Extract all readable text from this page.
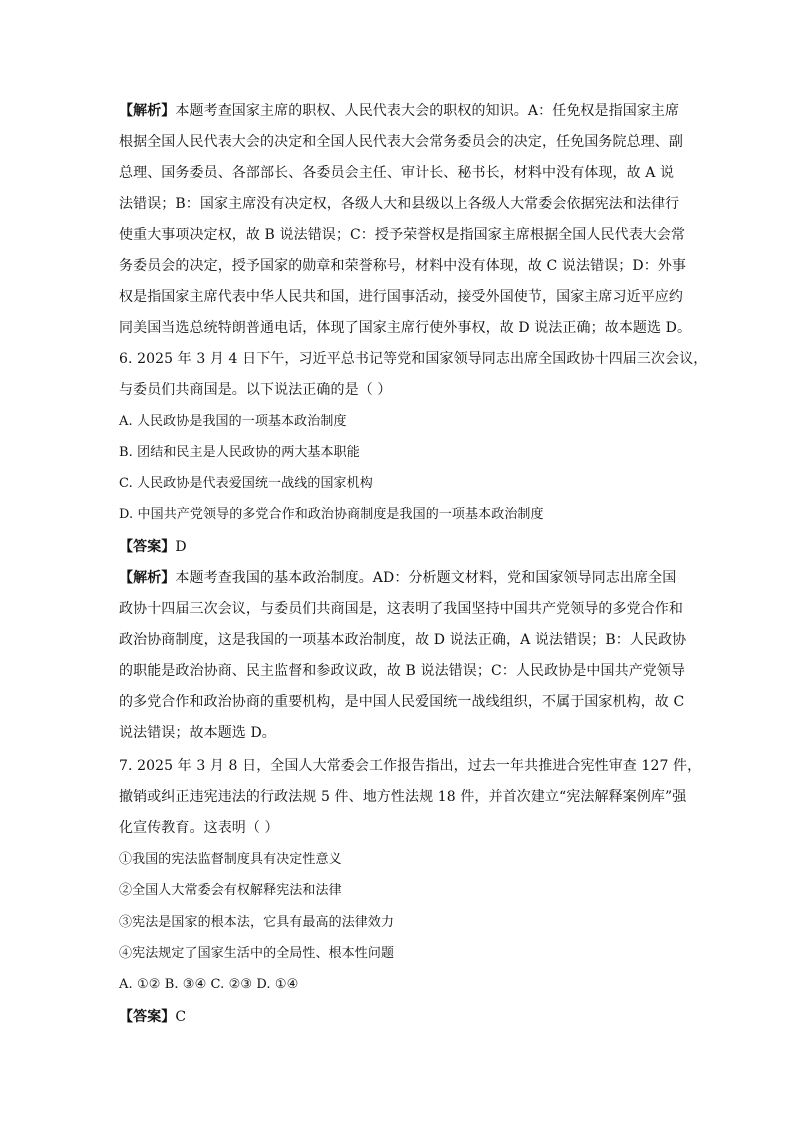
【解析】本题考查国家主席的职权、人民代表大会的职权的知识。A：任免权是指国家主席
根据全国人民代表大会的决定和全国人民代表大会常务委员会的决定，任免国务院总理、副
总理、国务委员、各部部长、各委员会主任、审计长、秘书长，材料中没有体现，故 A 说
法错误；B：国家主席没有决定权，各级人大和县级以上各级人大常委会依据宪法和法律行
使重大事项决定权，故 B 说法错误；C：授予荣誉权是指国家主席根据全国人民代表大会常
务委员会的决定，授予国家的勋章和荣誉称号，材料中没有体现，故 C 说法错误；D：外事
权是指国家主席代表中华人民共和国，进行国事活动，接受外国使节，国家主席习近平应约
同美国当选总统特朗普通电话，体现了国家主席行使外事权，故 D 说法正确；故本题选 D。
6. 2025 年 3 月 4 日下午，习近平总书记等党和国家领导同志出席全国政协十四届三次会议，
与委员们共商国是。以下说法正确的是（ ）
A. 人民政协是我国的一项基本政治制度
B. 团结和民主是人民政协的两大基本职能
C. 人民政协是代表爱国统一战线的国家机构
D. 中国共产党领导的多党合作和政治协商制度是我国的一项基本政治制度
【答案】D
【解析】本题考查我国的基本政治制度。AD：分析题文材料，党和国家领导同志出席全国
政协十四届三次会议，与委员们共商国是，这表明了我国坚持中国共产党领导的多党合作和
政治协商制度，这是我国的一项基本政治制度，故 D 说法正确，A 说法错误；B：人民政协
的职能是政治协商、民主监督和参政议政，故 B 说法错误；C：人民政协是中国共产党领导
的多党合作和政治协商的重要机构，是中国人民爱国统一战线组织，不属于国家机构，故 C
说法错误；故本题选 D。
7. 2025 年 3 月 8 日，全国人大常委会工作报告指出，过去一年共推进合宪性审查 127 件，
撤销或纠正违宪违法的行政法规 5 件、地方性法规 18 件，并首次建立“宪法解释案例库”强
化宣传教育。这表明（ ）
①我国的宪法监督制度具有决定性意义
②全国人大常委会有权解释宪法和法律
③宪法是国家的根本法，它具有最高的法律效力
④宪法规定了国家生活中的全局性、根本性问题
A. ①② B. ③④ C. ②③ D. ①④
【答案】C
